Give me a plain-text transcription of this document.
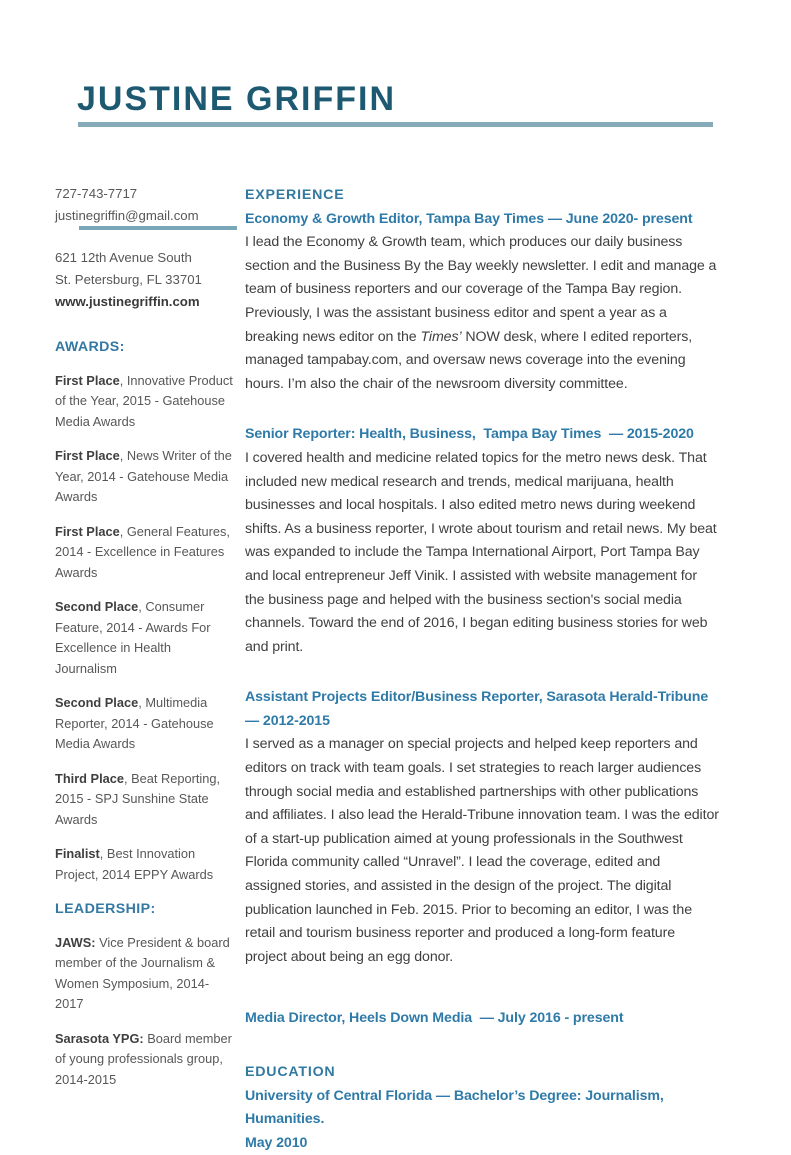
JUSTINE GRIFFIN
727-743-7717
justinegriffin@gmail.com
621 12th Avenue South
St. Petersburg, FL 33701
www.justinegriffin.com
AWARDS:
First Place, Innovative Product of the Year, 2015 - Gatehouse Media Awards
First Place, News Writer of the Year, 2014 - Gatehouse Media Awards
First Place, General Features, 2014 - Excellence in Features Awards
Second Place, Consumer Feature, 2014 - Awards For Excellence in Health Journalism
Second Place, Multimedia Reporter, 2014 - Gatehouse Media Awards
Third Place, Beat Reporting, 2015 - SPJ Sunshine State Awards
Finalist, Best Innovation Project, 2014 EPPY Awards
LEADERSHIP:
JAWS: Vice President & board member of the Journalism & Women Symposium, 2014-2017
Sarasota YPG: Board member of young professionals group, 2014-2015
EXPERIENCE
Economy & Growth Editor, Tampa Bay Times — June 2020- present

I lead the Economy & Growth team, which produces our daily business section and the Business By the Bay weekly newsletter. I edit and manage a team of business reporters and our coverage of the Tampa Bay region. Previously, I was the assistant business editor and spent a year as a breaking news editor on the Times’ NOW desk, where I edited reporters, managed tampabay.com, and oversaw news coverage into the evening hours. I’m also the chair of the newsroom diversity committee.

Senior Reporter: Health, Business,  Tampa Bay Times  — 2015-2020

I covered health and medicine related topics for the metro news desk. That included new medical research and trends, medical marijuana, health businesses and local hospitals. I also edited metro news during weekend shifts. As a business reporter, I wrote about tourism and retail news. My beat was expanded to include the Tampa International Airport, Port Tampa Bay and local entrepreneur Jeff Vinik. I assisted with website management for the business page and helped with the business section's social media channels. Toward the end of 2016, I began editing business stories for web and print.

Assistant Projects Editor/Business Reporter, Sarasota Herald-Tribune  — 2012-2015

I served as a manager on special projects and helped keep reporters and editors on track with team goals. I set strategies to reach larger audiences through social media and established partnerships with other publications and affiliates. I also lead the Herald-Tribune innovation team. I was the editor of a start-up publication aimed at young professionals in the Southwest Florida community called “Unravel”. I lead the coverage, edited and assigned stories, and assisted in the design of the project. The digital publication launched in Feb. 2015. Prior to becoming an editor, I was the retail and tourism business reporter and produced a long-form feature project about being an egg donor.

Media Director, Heels Down Media  — July 2016 - present
EDUCATION
University of Central Florida — Bachelor’s Degree: Journalism, Humanities.
May 2010
